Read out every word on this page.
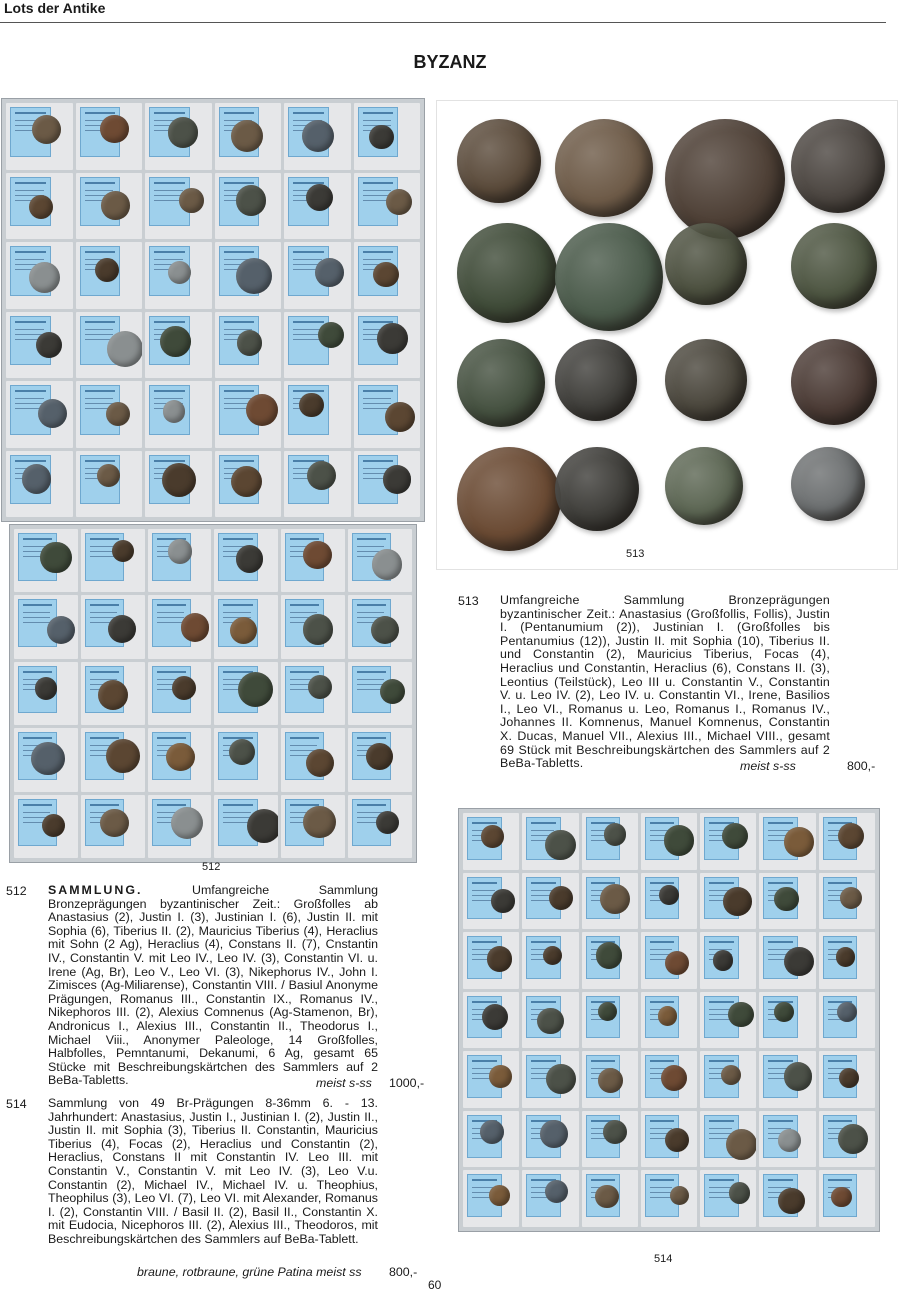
Lots der Antike
BYZANZ
512
513
513 Umfangreiche Sammlung Bronzeprägungen byzantinischer Zeit.: Anastasius (Großfollis, Follis), Justin I. (Pentanumium (2)), Justinian I. (Großfolles bis Pentanumius (12)), Justin II. mit Sophia (10), Tiberius II. und Constantin (2), Mauricius Tiberius, Focas (4), Heraclius und Constantin, Heraclius (6), Constans II. (3), Leontius (Teilstück), Leo III u. Constantin V., Constantin V. u. Leo IV. (2), Leo IV. u. Constantin VI., Irene, Basilios I., Leo VI., Romanus u. Leo, Romanus I., Romanus IV., Johannes II. Komnenus, Manuel Komnenus, Constantin X. Ducas, Manuel VII., Alexius III., Michael VIII., gesamt 69 Stück mit Beschreibungskärtchen des Sammlers auf 2 BeBa-Tabletts.	meist s-ss	800,-
514
512 SAMMLUNG.	Umfangreiche Sammlung Bronzeprägungen byzantinischer Zeit.: Großfolles ab Anastasius (2), Justin I. (3), Justinian I. (6), Justin II. mit Sophia (6), Tiberius II. (2), Mauricius Tiberius (4), Heraclius mit Sohn (2 Ag), Heraclius (4), Constans II. (7), Cnstantin IV., Constantin V. mit Leo IV., Leo IV. (3), Constantin VI. u. Irene (Ag, Br), Leo V., Leo VI. (3), Nikephorus IV., John I. Zimisces (Ag-Miliarense), Constantin VIII. / Basiul Anonyme Prägungen, Romanus III., Constantin IX., Romanus IV., Nikephoros III. (2), Alexius Comnenus (Ag-Stamenon, Br), Andronicus I., Alexius III., Constantin II., Theodorus I., Michael Viii., Anonymer Paleologe, 14 Großfolles, Halbfolles, Pemntanumi, Dekanumi, 6 Ag, gesamt 65 Stücke mit Beschreibungskärtchen des Sammlers auf 2 BeBa-Tabletts.	meist s-ss 1000,-
514 Sammlung von 49 Br-Prägungen 8-36mm 6. - 13. Jahrhundert: Anastasius, Justin I., Justinian I. (2), Justin II., Justin II. mit Sophia (3), Tiberius II. Constantin, Mauricius Tiberius (4), Focas (2), Heraclius und Constantin (2), Heraclius, Constans II mit Constantin IV. Leo III. mit Constantin V., Constantin V. mit Leo IV. (3), Leo V.u. Constantin (2), Michael IV., Michael IV. u. Theophius, Theophilus (3), Leo VI. (7), Leo VI. mit Alexander, Romanus I. (2), Constantin VIII. / Basil II. (2), Basil II., Constantin X. mit Eudocia, Nicephoros III. (2), Alexius III., Theodoros, mit Beschreibungskärtchen des Sammlers auf BeBa-Tablett.
braune, rotbraune, grüne Patina meist ss 800,-
60
